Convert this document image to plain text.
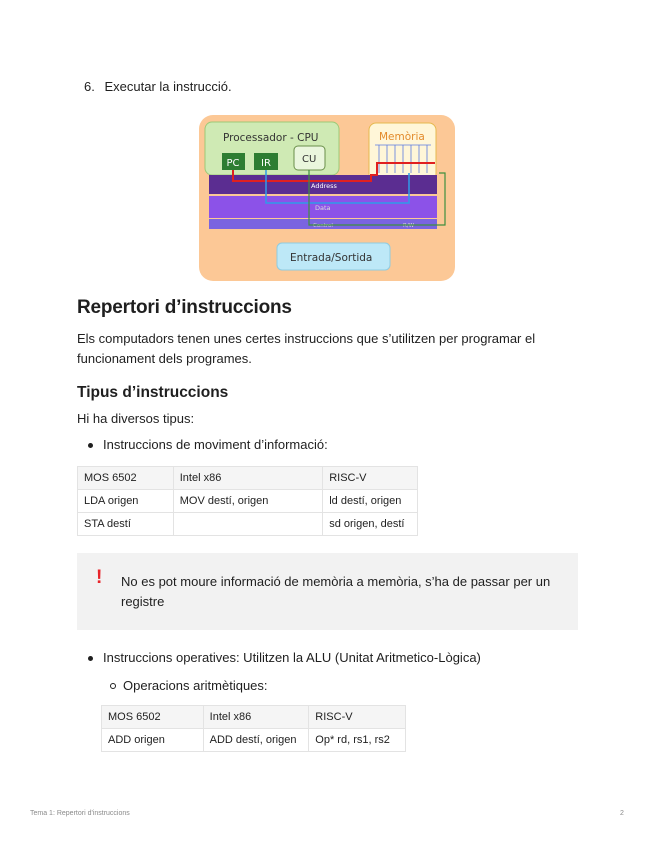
6. Executar la instrucció.
Processador - CPU
PC IR	CU
Memòria
Address
Data
Control	R/W
Entrada/Sortida
Repertori d’instruccions

Els computadors tenen unes certes instruccions que s’utilitzen per programar el funcionament dels programes.

Tipus d’instruccions

Hi ha diversos tipus:

Instruccions de moviment d’informació:
MOS 6502	Intel x86	RISC-V
LDA origen	MOV destí, origen	ld destí, origen
STA destí		sd origen, destí
! No es pot moure informació de memòria a memòria, s’ha de passar per un registre
Instruccions operatives: Utilitzen la ALU (Unitat Aritmetico-Lògica)
Operacions aritmètiques:
MOS 6502	Intel x86	RISC-V
ADD origen	ADD destí, origen	Op* rd, rs1, rs2
Tema 1: Repertori d'instruccions	2
